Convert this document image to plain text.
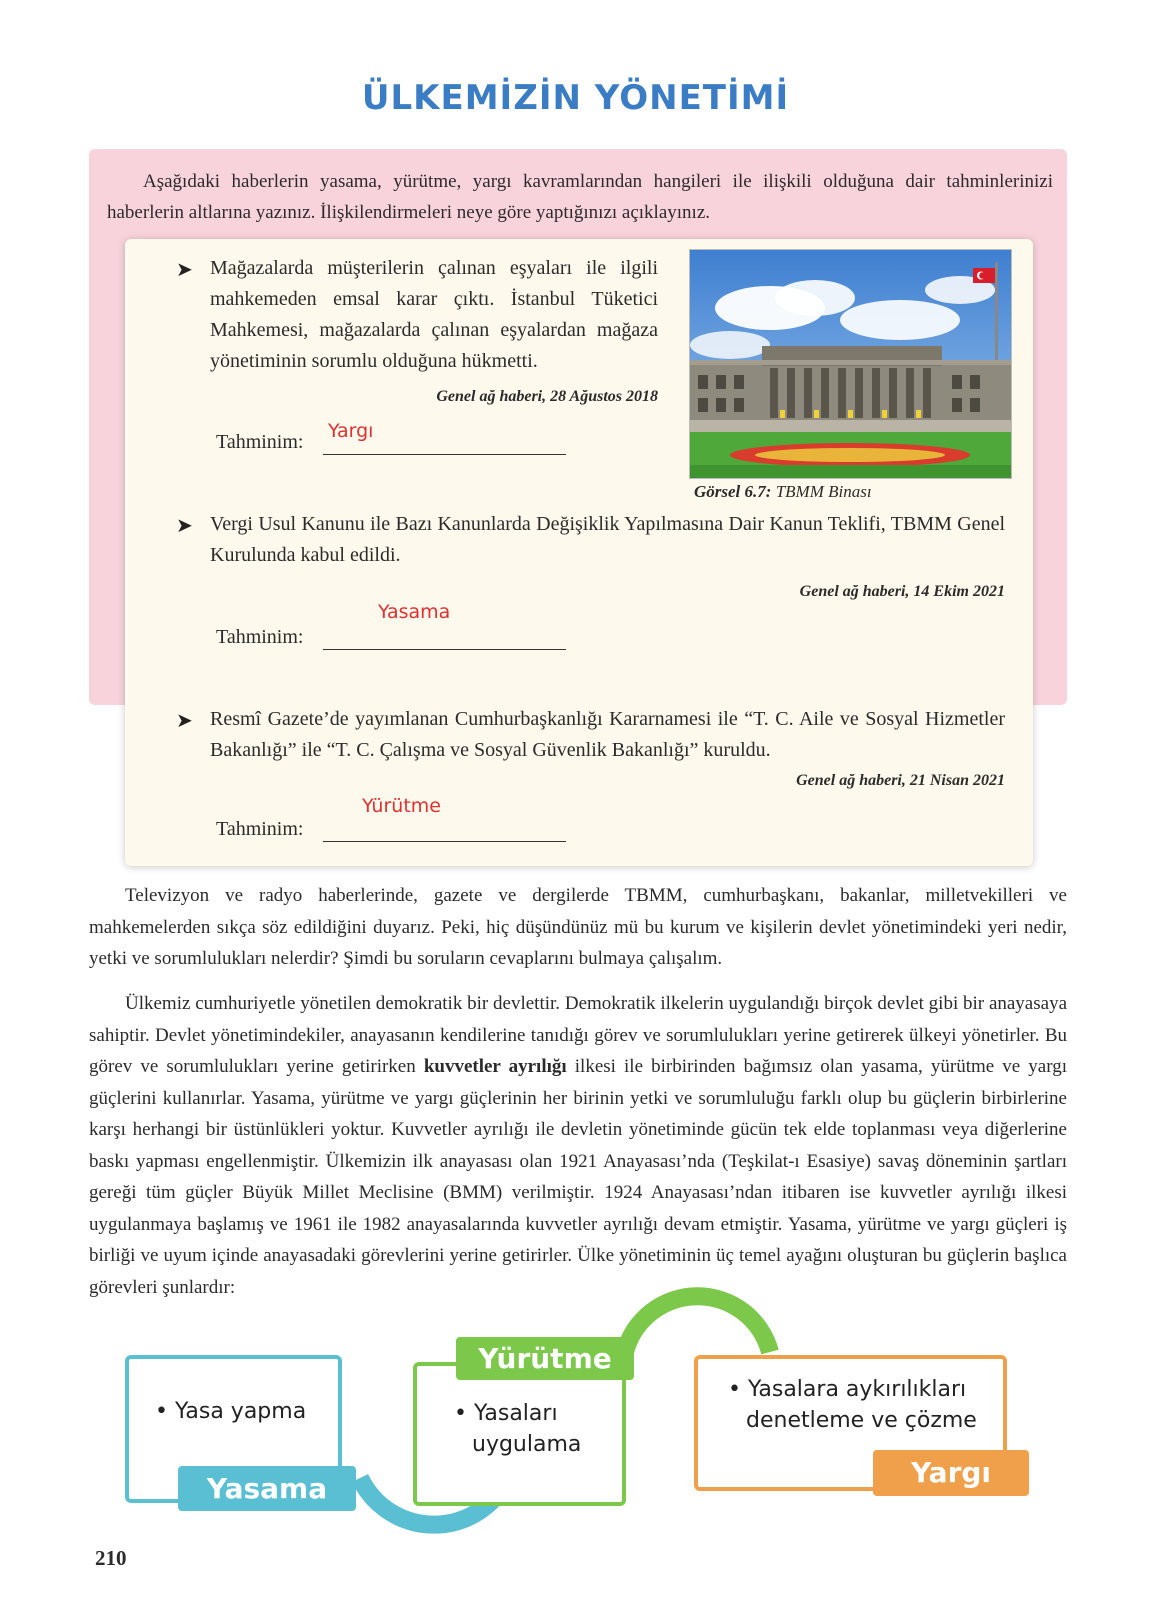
ÜLKEMİZİN YÖNETİMİ

Aşağıdaki haberlerin yasama, yürütme, yargı kavramlarından hangileri ile ilişkili olduğuna dair tahminlerinizi haberlerin altlarına yazınız. İlişkilendirmeleri neye göre yaptığınızı açıklayınız.

➤ Mağazalarda müşterilerin çalınan eşyaları ile ilgili mahkemeden emsal karar çıktı. İstanbul Tüketici Mahkemesi, mağazalarda çalınan eşyalardan mağaza yönetiminin sorumlu olduğuna hükmetti.
Genel ağ haberi, 28 Ağustos 2018
Tahminim: Yargı
Görsel 6.7: TBMM Binası
➤ Vergi Usul Kanunu ile Bazı Kanunlarda Değişiklik Yapılmasına Dair Kanun Teklifi, TBMM Genel Kurulunda kabul edildi.
Genel ağ haberi, 14 Ekim 2021
Tahminim:
Yasama
➤ Resmî Gazete’de yayımlanan Cumhurbaşkanlığı Kararnamesi ile “T. C. Aile ve Sosyal Hizmetler Bakanlığı” ile “T. C. Çalışma ve Sosyal Güvenlik Bakanlığı” kuruldu.
Genel ağ haberi, 21 Nisan 2021
Tahminim:
Yürütme

Televizyon ve radyo haberlerinde, gazete ve dergilerde TBMM, cumhurbaşkanı, bakanlar, milletvekilleri ve mahkemelerden sıkça söz edildiğini duyarız. Peki, hiç düşündünüz mü bu kurum ve kişilerin devlet yönetimindeki yeri nedir, yetki ve sorumlulukları nelerdir? Şimdi bu soruların cevaplarını bulmaya çalışalım.

Ülkemiz cumhuriyetle yönetilen demokratik bir devlettir. Demokratik ilkelerin uygulandığı birçok devlet gibi bir anayasaya sahiptir. Devlet yönetimindekiler, anayasanın kendilerine tanıdığı görev ve sorumlulukları yerine getirerek ülkeyi yönetirler. Bu görev ve sorumlulukları yerine getirirken kuvvetler ayrılığı ilkesi ile birbirinden bağımsız olan yasama, yürütme ve yargı güçlerini kullanırlar. Yasama, yürütme ve yargı güçlerinin her birinin yetki ve sorumluluğu farklı olup bu güçlerin birbirlerine karşı herhangi bir üstünlükleri yoktur. Kuvvetler ayrılığı ile devletin yönetiminde gücün tek elde toplanması veya diğerlerine baskı yapması engellenmiştir. Ülkemizin ilk anayasası olan 1921 Anayasası’nda (Teşkilat-ı Esasiye) savaş döneminin şartları gereği tüm güçler Büyük Millet Meclisine (BMM) verilmiştir. 1924 Anayasası’ndan itibaren ise kuvvetler ayrılığı ilkesi uygulanmaya başlamış ve 1961 ile 1982 anayasalarında kuvvetler ayrılığı devam etmiştir. Yasama, yürütme ve yargı güçleri iş birliği ve uyum içinde anayasadaki görevlerini yerine getirirler. Ülke yönetiminin üç temel ayağını oluşturan bu güçlerin başlıca görevleri şunlardır:

• Yasa yapma
Yasama
Yürütme
• Yasaları
uygulama
• Yasalara aykırılıkları
denetleme ve çözme
Yargı
210
